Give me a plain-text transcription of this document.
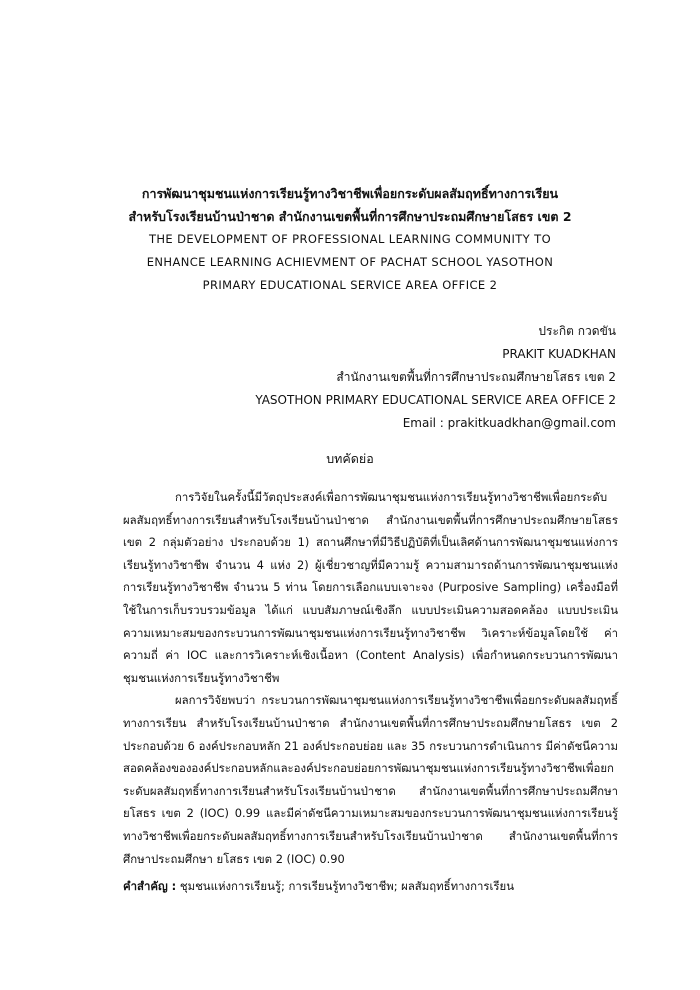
การพัฒนาชุมชนแห่งการเรียนรู้ทางวิชาชีพเพื่อยกระดับผลสัมฤทธิ์ทางการเรียน
สำหรับโรงเรียนบ้านป่าชาด สำนักงานเขตพื้นที่การศึกษาประถมศึกษายโสธร เขต 2
THE DEVELOPMENT OF PROFESSIONAL LEARNING COMMUNITY TO
ENHANCE LEARNING ACHIEVMENT OF PACHAT SCHOOL YASOTHON
PRIMARY EDUCATIONAL SERVICE AREA OFFICE 2
ประกิต กวดขัน
PRAKIT KUADKHAN
สำนักงานเขตพื้นที่การศึกษาประถมศึกษายโสธร เขต 2
YASOTHON PRIMARY EDUCATIONAL SERVICE AREA OFFICE 2
Email : prakitkuadkhan@gmail.com
บทคัดย่อ

การวิจัยในครั้งนี้มีวัตถุประสงค์เพื่อการพัฒนาชุมชนแห่งการเรียนรู้ทางวิชาชีพเพื่อยกระดับผลสัมฤทธิ์ทางการเรียนสำหรับโรงเรียนบ้านป่าชาด สำนักงานเขตพื้นที่การศึกษาประถมศึกษายโสธร เขต 2 กลุ่มตัวอย่าง ประกอบด้วย 1) สถานศึกษาที่มีวิธีปฏิบัติที่เป็นเลิศด้านการพัฒนาชุมชนแห่งการเรียนรู้ทางวิชาชีพ จำนวน 4 แห่ง 2) ผู้เชี่ยวชาญที่มีความรู้ ความสามารถด้านการพัฒนาชุมชนแห่งการเรียนรู้ทางวิชาชีพ จำนวน 5 ท่าน โดยการเลือกแบบเจาะจง (Purposive Sampling) เครื่องมือที่ใช้ในการเก็บรวบรวมข้อมูล ได้แก่ แบบสัมภาษณ์เชิงลึก แบบประเมินความสอดคล้อง แบบประเมินความเหมาะสมของกระบวนการพัฒนาชุมชนแห่งการเรียนรู้ทางวิชาชีพ วิเคราะห์ข้อมูลโดยใช้ ค่าความถี่ ค่า IOC และการวิเคราะห์เชิงเนื้อหา (Content Analysis) เพื่อกำหนดกระบวนการพัฒนาชุมชนแห่งการเรียนรู้ทางวิชาชีพ

ผลการวิจัยพบว่า กระบวนการพัฒนาชุมชนแห่งการเรียนรู้ทางวิชาชีพเพื่อยกระดับผลสัมฤทธิ์ทางการเรียน สำหรับโรงเรียนบ้านป่าชาด สำนักงานเขตพื้นที่การศึกษาประถมศึกษายโสธร เขต 2 ประกอบด้วย 6 องค์ประกอบหลัก 21 องค์ประกอบย่อย และ 35 กระบวนการดำเนินการ มีค่าดัชนีความสอดคล้องขององค์ประกอบหลักและองค์ประกอบย่อยการพัฒนาชุมชนแห่งการเรียนรู้ทางวิชาชีพเพื่อยกระดับผลสัมฤทธิ์ทางการเรียนสำหรับโรงเรียนบ้านป่าชาด สำนักงานเขตพื้นที่การศึกษาประถมศึกษา ยโสธร เขต 2 (IOC) 0.99 และมีค่าดัชนีความเหมาะสมของกระบวนการพัฒนาชุมชนแห่งการเรียนรู้ทางวิชาชีพเพื่อยกระดับผลสัมฤทธิ์ทางการเรียนสำหรับโรงเรียนบ้านป่าชาด สำนักงานเขตพื้นที่การศึกษาประถมศึกษา ยโสธร เขต 2 (IOC) 0.90

คำสำคัญ : ชุมชนแห่งการเรียนรู้; การเรียนรู้ทางวิชาชีพ; ผลสัมฤทธิ์ทางการเรียน
